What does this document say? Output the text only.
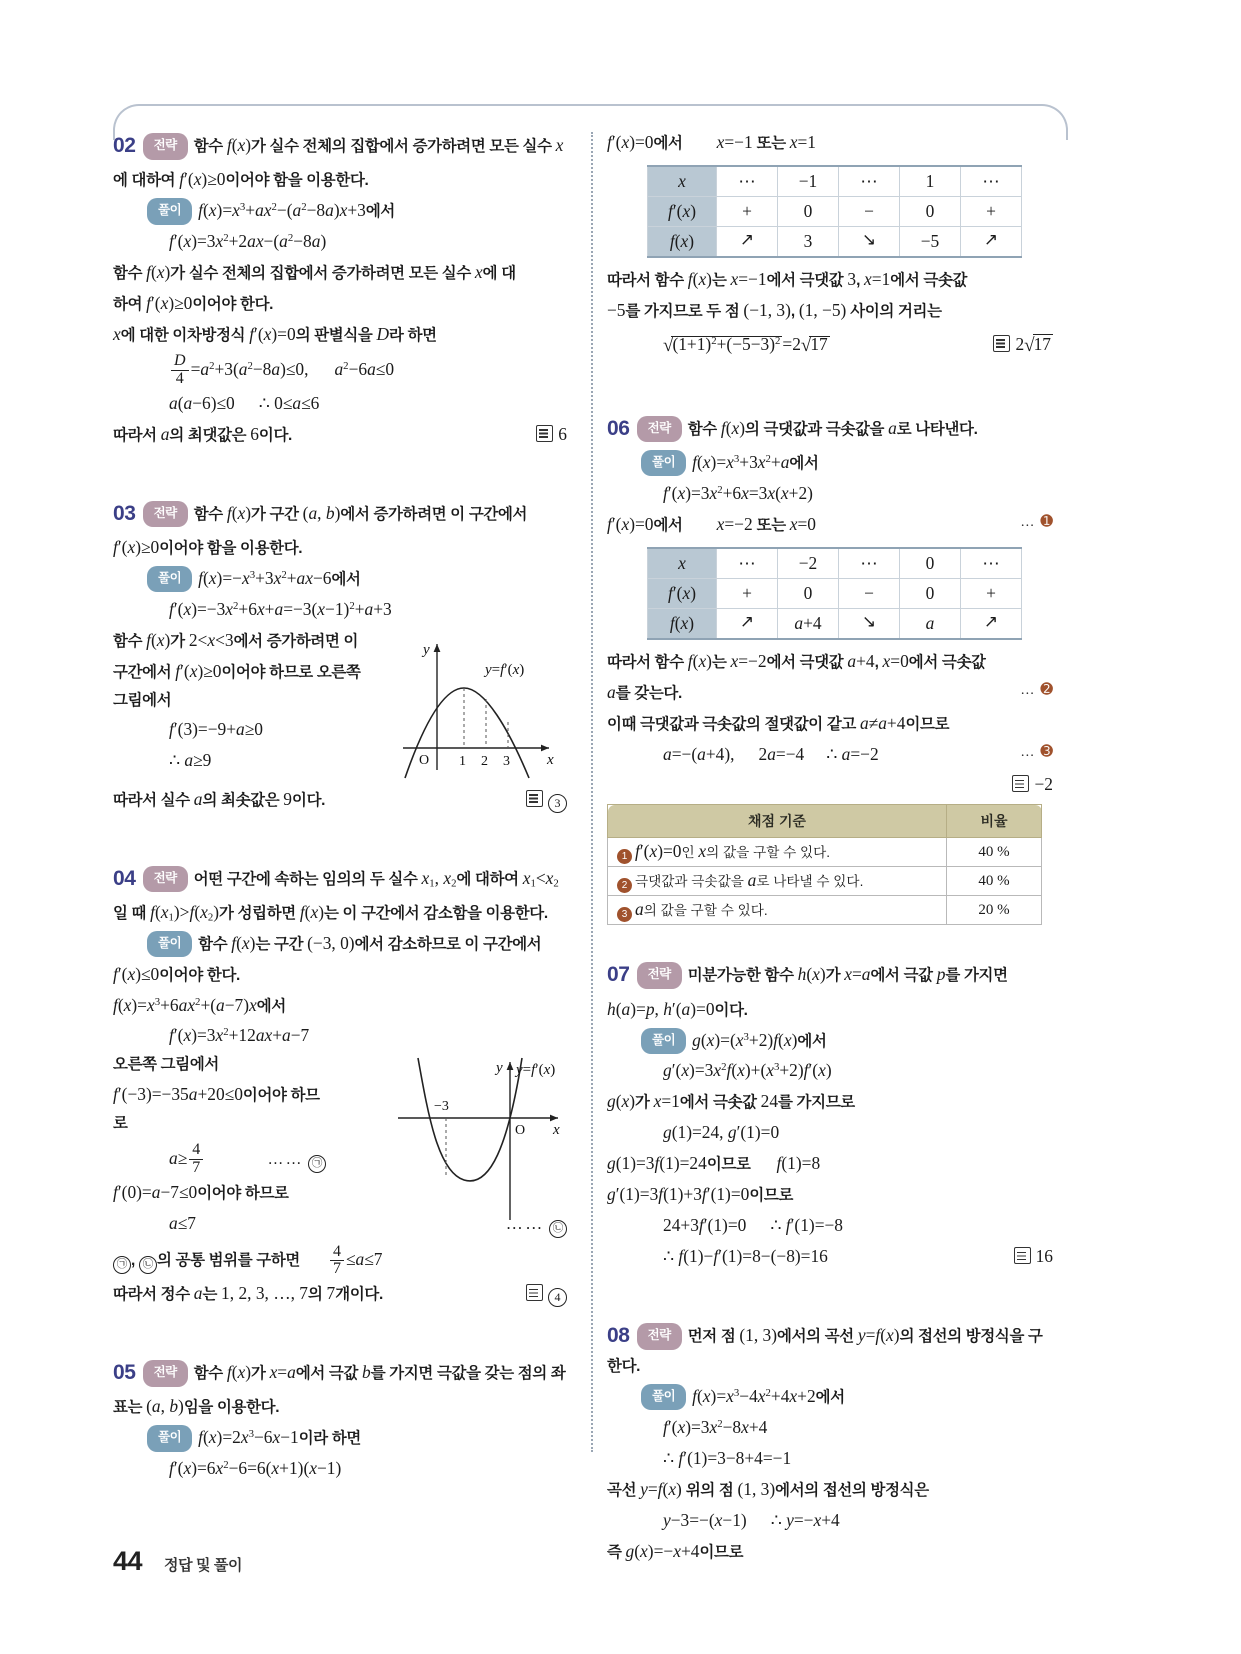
02 전략 함수 f(x)가 실수 전체의 집합에서 증가하려면 모든 실수 x
에 대하여 f′(x)≥0이어야 함을 이용한다.
풀이 $f(x)=x^3+ax^2-(a^2-8a)x+3$에서
$f'(x)=3x^2+2ax-(a^2-8a)$
함수 f(x)가 실수 전체의 집합에서 증가하려면 모든 실수 x에 대
하여 f′(x)≥0이어야 한다.
x에 대한 이차방정식 f′(x)=0의 판별식을 D라 하면
$\frac{D}{4} =a^2+3(a^2-8a)\le 0$, $a^2-6a\le 0$
a(a−6)≤0 ∴ 0≤a≤6
따라서 a의 최댓값은 6이다.	6
03 전략 함수 f(x)가 구간 (a, b)에서 증가하려면 이 구간에서
f′(x)≥0이어야 함을 이용한다.
풀이 $f(x)=-x^3+3x^2+ax-6$에서
$f'(x)=-3x^2+6x+a=-3(x-1)^2+a+3$
y
x
O 1 2 3
y=f′(x)
함수 f(x)가 2<x<3에서 증가하려면 이
구간에서 f′(x)≥0이어야 하므로 오른쪽
그림에서
f′(3)=−9+a≥0
∴ a≥9
따라서 실수 a의 최솟값은 9이다.	3
04 전략 어떤 구간에 속하는 임의의 두 실수 $x_1$, $x_2$에 대하여 $x_1<x_2$
일 때 $f(x_1)>f(x_2)$가 성립하면 f(x)는 이 구간에서 감소함을 이용한다.
풀이 함수 f(x)는 구간 (−3, 0)에서 감소하므로 이 구간에서
f′(x)≤0이어야 한다.
$f(x)=x^3+6ax^2+(a-7)x$에서
$f'(x)=3x^2+12ax+a-7$
y
x
O
−3
y=f′(x)
오른쪽 그림에서
f′(−3)=−35a+20≤0이어야 하므
로
$a\ge \frac{4}{7}$	…… ㉠
f′(0)=a−7≤0이어야 하므로
a≤7	…… ㉡
㉠ , ㉡ 의 공통 범위를 구하면 $\frac{4}{7} \le a\le 7$
따라서 정수 a는 1, 2, 3, …, 7의 7개이다.	4
05 전략 함수 f(x)가 x=a에서 극값 b를 가지면 극값을 갖는 점의 좌
표는 (a, b)임을 이용한다.
풀이 $f(x)=2x^3-6x-1$이라 하면
$f'(x)=6x^2-6=6(x+1)(x-1)$
f′(x)=0에서 x=−1 또는 x=1
x	⋯	−1	⋯	1	⋯
f′(x)	+	0	−	0	+
f(x)	↗	3	↘	−5	↗
따라서 함수 f(x)는 x=−1에서 극댓값 3, x=1에서 극솟값
−5를 가지므로 두 점 (−1, 3), (1, −5) 사이의 거리는
$√(1+1)^2+(-5-3)^2 =2√17$	2√17
06 전략 함수 f(x)의 극댓값과 극솟값을 a로 나타낸다.
풀이 $f(x)=x^3+3x^2+a$에서
$f'(x)=3x^2+6x=3x(x+2)$
f′(x)=0에서 x=−2 또는 x=0	… ➊
x	⋯	−2	⋯	0	⋯
f′(x)	+	0	−	0	+
f(x)	↗	a+4	↘	a	↗
따라서 함수 f(x)는 x=−2에서 극댓값 a+4, x=0에서 극솟값
a를 갖는다.	… ➋
이때 극댓값과 극솟값의 절댓값이 같고 a≠a+4이므로
a=−(a+4), 2a=−4 ∴ a=−2	… ➌
−2
채점 기준	비율
1 f′(x)=0인 x의 값을 구할 수 있다.	40 %
2 극댓값과 극솟값을 a로 나타낼 수 있다.	40 %
3 a의 값을 구할 수 있다.	20 %
07 전략 미분가능한 함수 h(x)가 x=a에서 극값 p를 가지면
h(a)=p, h′(a)=0이다.
풀이 $g(x)=(x^3+2)f(x)$에서
$g'(x)=3x^2f(x)+(x^3+2)f'(x)$
g(x)가 x=1에서 극솟값 24를 가지므로
g(1)=24, g′(1)=0
g(1)=3f(1)=24이므로 f(1)=8
g′(1)=3f(1)+3f′(1)=0이므로
24+3f′(1)=0 ∴ f′(1)=−8
∴ f(1)−f′(1)=8−(−8)=16	16
08 전략 먼저 점 (1, 3)에서의 곡선 y=f(x)의 접선의 방정식을 구한다.
풀이 $f(x)=x^3-4x^2+4x+2$에서
$f'(x)=3x^2-8x+4$
∴ f′(1)=3−8+4=−1
곡선 y=f(x) 위의 점 (1, 3)에서의 접선의 방정식은
y−3=−(x−1) ∴ y=−x+4
즉 g(x)=−x+4이므로
44 정답 및 풀이
